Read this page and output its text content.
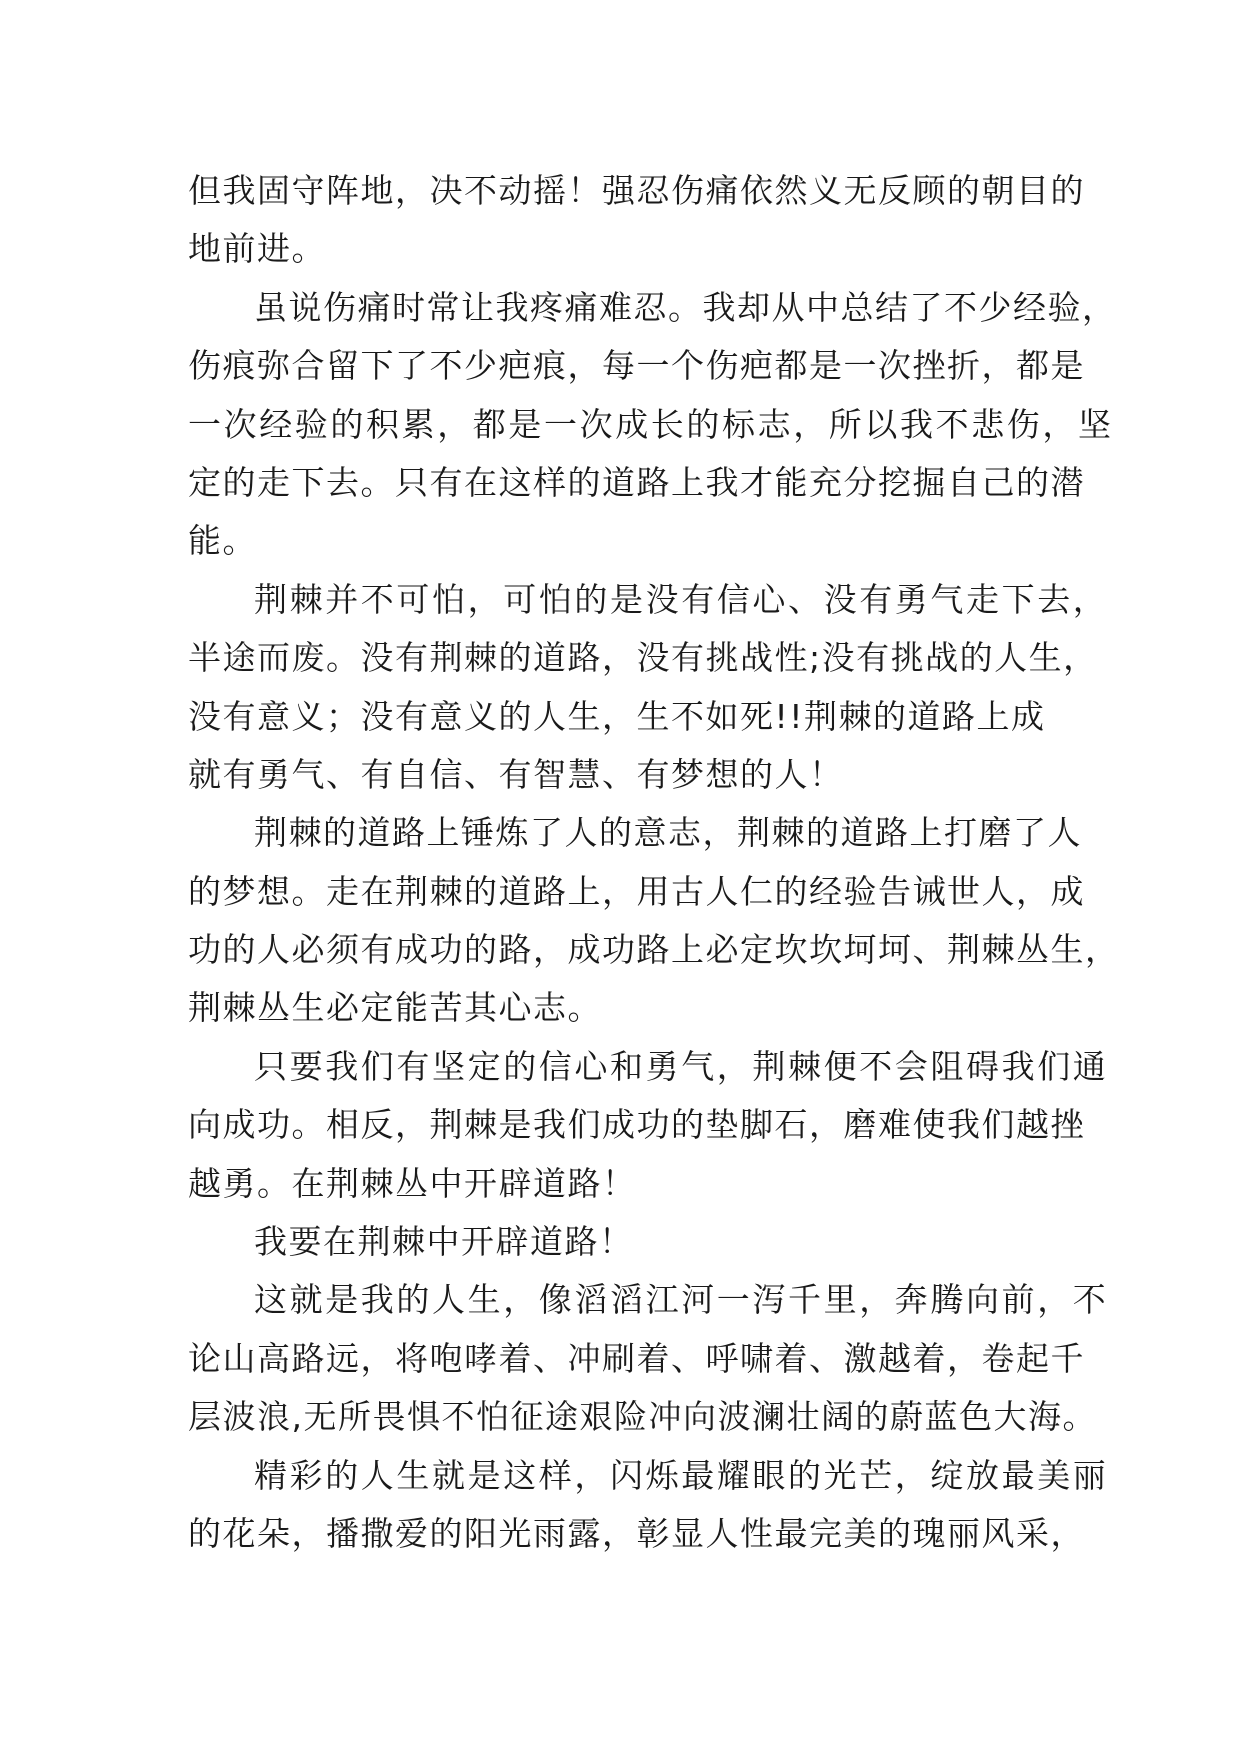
但我固守阵地，决不动摇！强忍伤痛依然义无反顾的朝目的
地前进。
虽说伤痛时常让我疼痛难忍。我却从中总结了不少经验，
伤痕弥合留下了不少疤痕，每一个伤疤都是一次挫折，都是
一次经验的积累，都是一次成长的标志，所以我不悲伤，坚
定的走下去。只有在这样的道路上我才能充分挖掘自己的潜
能。
荆棘并不可怕，可怕的是没有信心、没有勇气走下去，
半途而废。没有荆棘的道路，没有挑战性;没有挑战的人生，
没有意义；没有意义的人生，生不如死!!荆棘的道路上成
就有勇气、有自信、有智慧、有梦想的人！
荆棘的道路上锤炼了人的意志，荆棘的道路上打磨了人
的梦想。走在荆棘的道路上，用古人仁的经验告诫世人，成
功的人必须有成功的路，成功路上必定坎坎坷坷、荆棘丛生，
荆棘丛生必定能苦其心志。
只要我们有坚定的信心和勇气，荆棘便不会阻碍我们通
向成功。相反，荆棘是我们成功的垫脚石，磨难使我们越挫
越勇。在荆棘丛中开辟道路！
我要在荆棘中开辟道路！
这就是我的人生，像滔滔江河一泻千里，奔腾向前，不
论山高路远，将咆哮着、冲刷着、呼啸着、激越着，卷起千
层波浪,无所畏惧不怕征途艰险冲向波澜壮阔的蔚蓝色大海。
精彩的人生就是这样，闪烁最耀眼的光芒，绽放最美丽
的花朵，播撒爱的阳光雨露，彰显人性最完美的瑰丽风采，
